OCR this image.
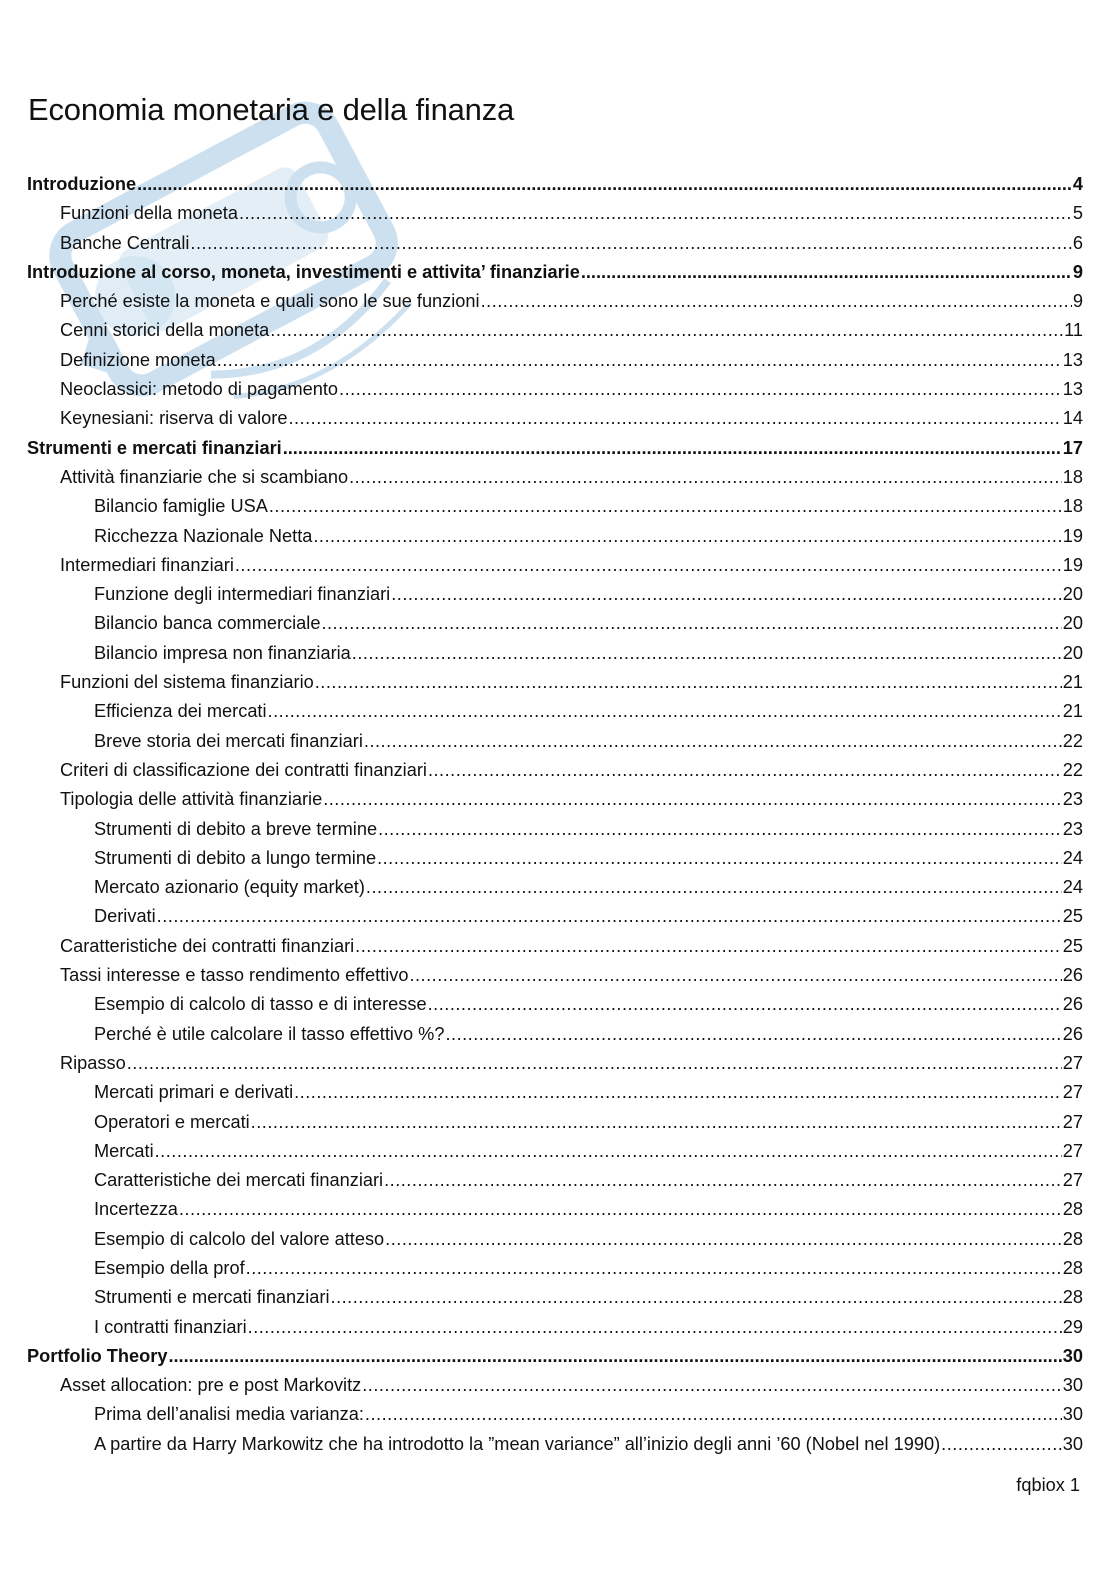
Economia monetaria e della finanza
Introduzione .....	4
Funzioni della moneta .....	5
Banche Centrali .....	6
Introduzione al corso, moneta, investimenti e attivita’ finanziarie .....	9
Perché esiste la moneta e quali sono le sue funzioni .....	9
Cenni storici della moneta .....	11
Definizione moneta .....	13
Neoclassici: metodo di pagamento .....	13
Keynesiani: riserva di valore .....	14
Strumenti e mercati finanziari .....	17
Attività finanziarie che si scambiano .....	18
Bilancio famiglie USA .....	18
Ricchezza Nazionale Netta .....	19
Intermediari finanziari .....	19
Funzione degli intermediari finanziari .....	20
Bilancio banca commerciale .....	20
Bilancio impresa non finanziaria .....	20
Funzioni del sistema finanziario .....	21
Efficienza dei mercati .....	21
Breve storia dei mercati finanziari .....	22
Criteri di classificazione dei contratti finanziari .....	22
Tipologia delle attività finanziarie .....	23
Strumenti di debito a breve termine .....	23
Strumenti di debito a lungo termine .....	24
Mercato azionario (equity market) .....	24
Derivati .....	25
Caratteristiche dei contratti finanziari .....	25
Tassi interesse e tasso rendimento effettivo .....	26
Esempio di calcolo di tasso e di interesse .....	26
Perché è utile calcolare il tasso effettivo %? .....	26
Ripasso .....	27
Mercati primari e derivati .....	27
Operatori e mercati .....	27
Mercati .....	27
Caratteristiche dei mercati finanziari .....	27
Incertezza .....	28
Esempio di calcolo del valore atteso .....	28
Esempio della prof .....	28
Strumenti e mercati finanziari .....	28
I contratti finanziari .....	29
Portfolio Theory .....	30
Asset allocation: pre e post Markovitz .....	30
Prima dell’analisi media varianza: .....	30
A partire da Harry Markowitz che ha introdotto la ”mean variance” all’inizio degli anni ’60 (Nobel nel 1990) .....	30
fqbiox 1
